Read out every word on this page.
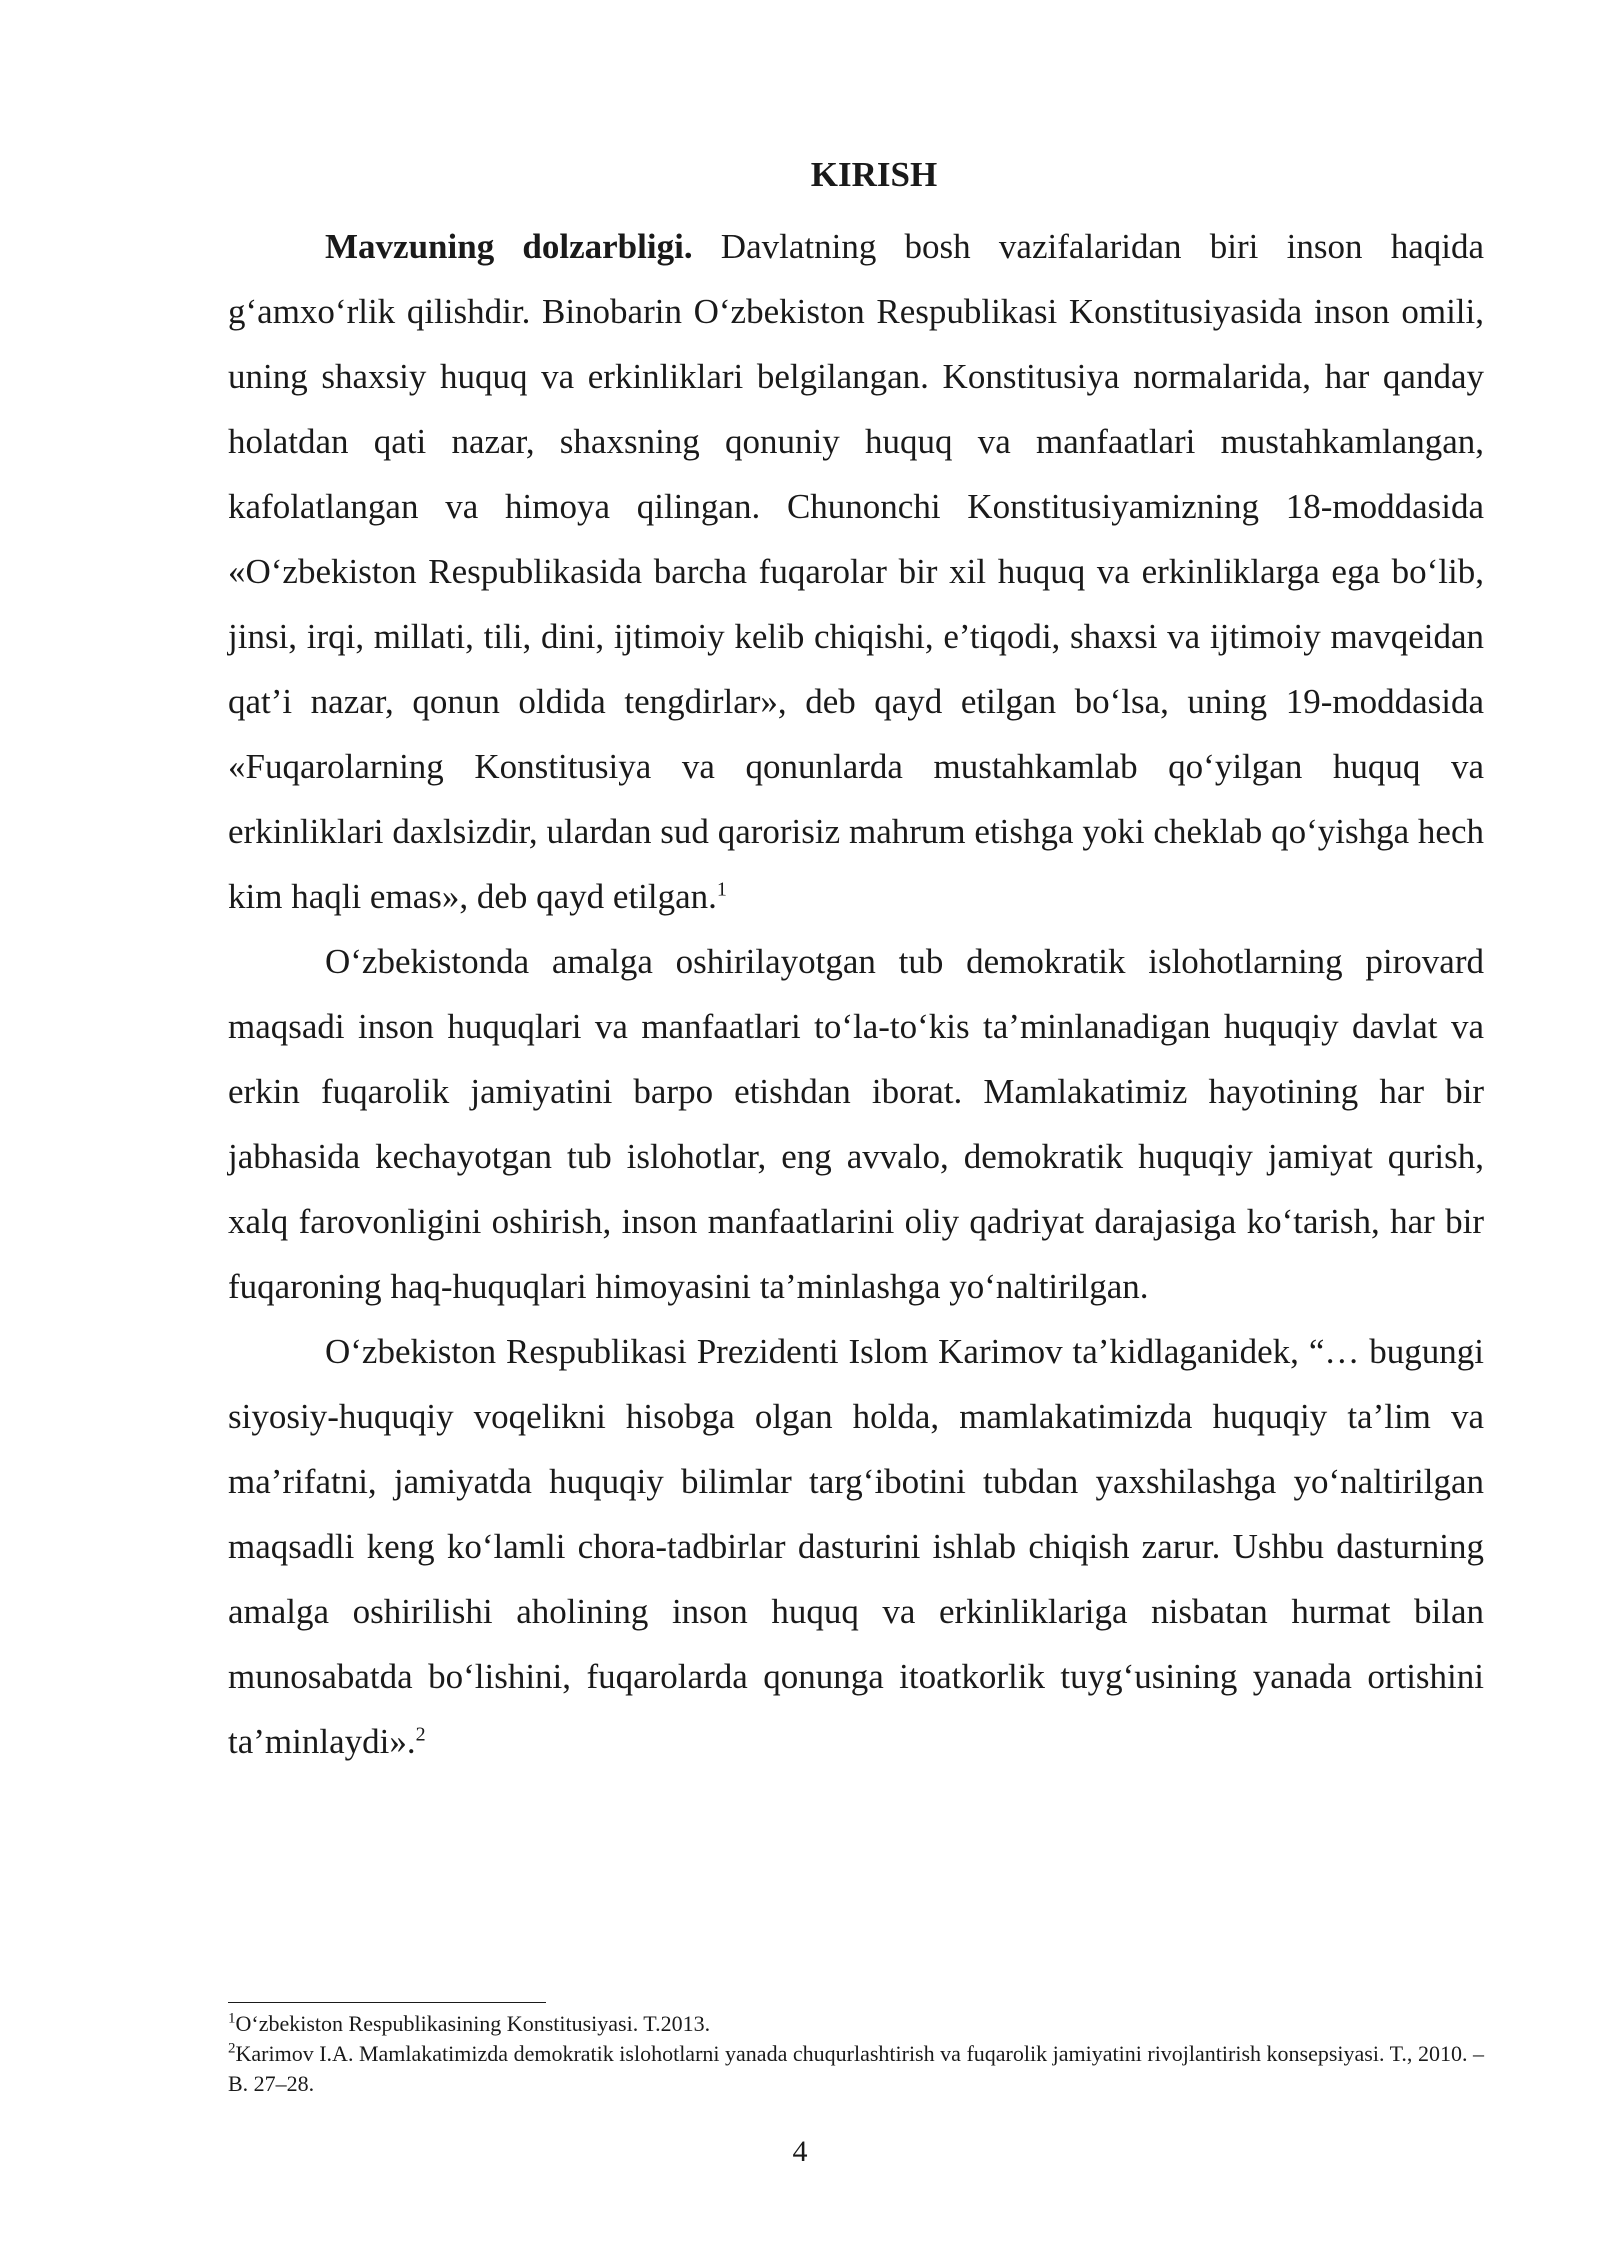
KIRISH

Mavzuning dolzarbligi. Davlatning bosh vazifalaridan biri inson haqida g‘amxo‘rlik qilishdir. Binobarin O‘zbekiston Respublikasi Konstitusiyasida inson omili, uning shaxsiy huquq va erkinliklari belgilangan. Konstitusiya normalarida, har qanday holatdan qati nazar, shaxsning qonuniy huquq va manfaatlari mustahkamlangan, kafolatlangan va himoya qilingan. Chunonchi Konstitusiyamizning 18-moddasida «O‘zbekiston Respublikasida barcha fuqarolar bir xil huquq va erkinliklarga ega bo‘lib, jinsi, irqi, millati, tili, dini, ijtimoiy kelib chiqishi, e’tiqodi, shaxsi va ijtimoiy mavqeidan qat’i nazar, qonun oldida tengdirlar», deb qayd etilgan bo‘lsa, uning 19-moddasida «Fuqarolarning Konstitusiya va qonunlarda mustahkamlab qo‘yilgan huquq va erkinliklari daxlsizdir, ulardan sud qarorisiz mahrum etishga yoki cheklab qo‘yishga hech kim haqli emas», deb qayd etilgan.$^1$

O‘zbekistonda amalga oshirilayotgan tub demokratik islohotlarning pirovard maqsadi inson huquqlari va manfaatlari to‘la-to‘kis ta’minlanadigan huquqiy davlat va erkin fuqarolik jamiyatini barpo etishdan iborat. Mamlakatimiz hayotining har bir jabhasida kechayotgan tub islohotlar, eng avvalo, demokratik huquqiy jamiyat qurish, xalq farovonligini oshirish, inson manfaatlarini oliy qadriyat darajasiga ko‘tarish, har bir fuqaroning haq-huquqlari himoyasini ta’minlashga yo‘naltirilgan.

O‘zbekiston Respublikasi Prezidenti Islom Karimov ta’kidlaganidek, “… bugungi siyosiy-huquqiy voqelikni hisobga olgan holda, mamlakatimizda huquqiy ta’lim va ma’rifatni, jamiyatda huquqiy bilimlar targ‘ibotini tubdan yaxshilashga yo‘naltirilgan maqsadli keng ko‘lamli chora-tadbirlar dasturini ishlab chiqish zarur. Ushbu dasturning amalga oshirilishi aholining inson huquq va erkinliklariga nisbatan hurmat bilan munosabatda bo‘lishini, fuqarolarda qonunga itoatkorlik tuyg‘usining yanada ortishini ta’minlaydi».$^2$

$^1$O‘zbekiston Respublikasining Konstitusiyasi. T.2013.

$^2$Karimov I.A. Mamlakatimizda demokratik islohotlarni yanada chuqurlashtirish va fuqarolik jamiyatini rivojlantirish konsepsiyasi. T., 2010. – B. 27–28.

4
